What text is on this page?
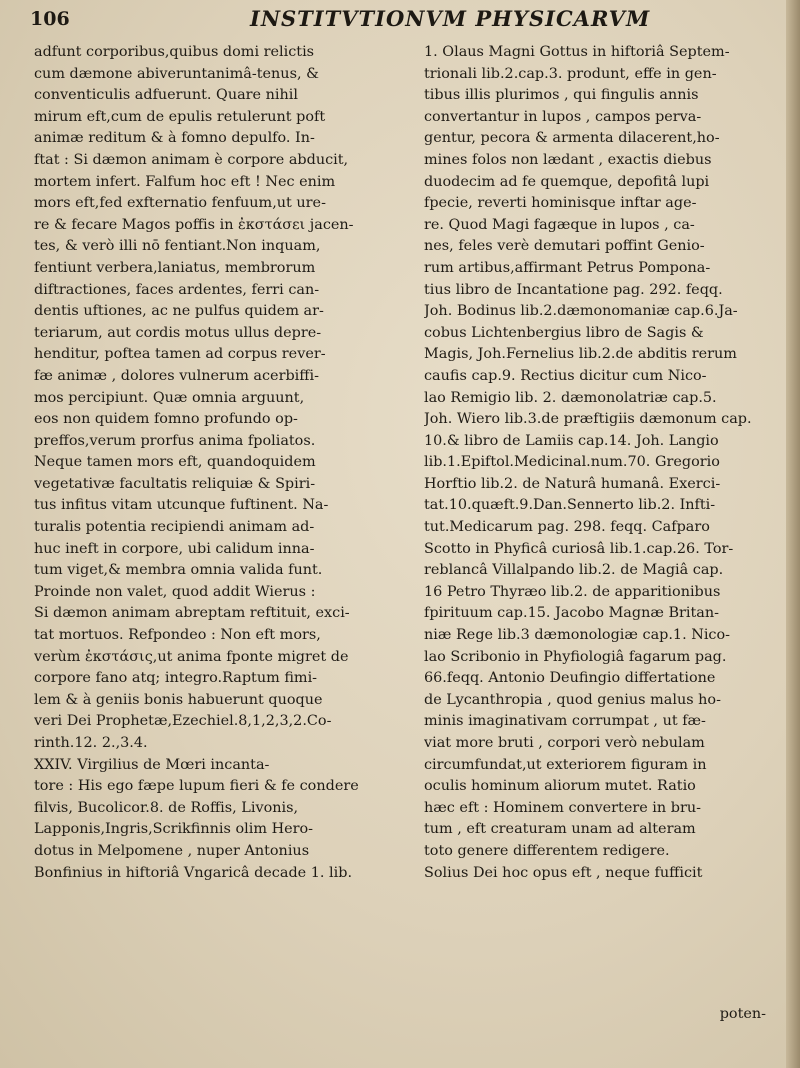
106	INSTITVTIONVM PHYSICARVM
adfunt corporibus,quibus domi relictis
cum dæmone abiveruntanimâ-tenus, &
conventiculis adfuerunt. Quare nihil
mirum eft,cum de epulis retulerunt poft
animæ reditum & à fomno depulfo. In-
ftat : Si dæmon animam è corpore abducit,
mortem infert. Falfum hoc eft ! Nec enim
mors eft,fed exfternatio fenfuum,ut ure-
re & fecare Magos poffis in ἐκστάσει jacen-
tes, & verò illi nō fentiant.Non inquam,
fentiunt verbera,laniatus, membrorum
diftractiones, faces ardentes, ferri can-
dentis uftiones, ac ne pulfus quidem ar-
teriarum, aut cordis motus ullus depre-
henditur, poftea tamen ad corpus rever-
fæ animæ , dolores vulnerum acerbiffi-
mos percipiunt. Quæ omnia arguunt,
eos non quidem fomno profundo op-
preffos,verum prorfus anima fpoliatos.
Neque tamen mors eft, quandoquidem
vegetativæ facultatis reliquiæ & Spiri-
tus infitus vitam utcunque fuftinent. Na-
turalis potentia recipiendi animam ad-
huc ineft in corpore, ubi calidum inna-
tum viget,& membra omnia valida funt.
Proinde non valet, quod addit Wierus :
Si dæmon animam abreptam reftituit, exci-
tat mortuos. Refpondeo : Non eft mors,
verùm ἐκστάσις,ut anima fponte migret de
corpore fano atq; integro.Raptum fimi-
lem & à geniis bonis habuerunt quoque
veri Dei Prophetæ,Ezechiel.8,1,2,3,2.Co-
rinth.12. 2.,3.4.
XXIV. Virgilius de Mœri incanta-
tore : His ego fæpe lupum fieri & fe condere
filvis, Bucolicor.8. de Roffis, Livonis,
Lapponis,Ingris,Scrikfinnis olim Hero-
dotus in Melpomene , nuper Antonius
Bonfinius in hiftoriâ Vngaricâ decade 1. lib.
1. Olaus Magni Gottus in hiftoriâ Septem-
trionali lib.2.cap.3. produnt, effe in gen-
tibus illis plurimos , qui fingulis annis
convertantur in lupos , campos perva-
gentur, pecora & armenta dilacerent,ho-
mines folos non lædant , exactis diebus
duodecim ad fe quemque, depofitâ lupi
fpecie, reverti hominisque inftar age-
re. Quod Magi fagæque in lupos , ca-
nes, feles verè demutari poffint Genio-
rum artibus,affirmant Petrus Pompona-
tius libro de Incantatione pag. 292. feqq.
Joh. Bodinus lib.2.dæmonomaniæ cap.6.Ja-
cobus Lichtenbergius libro de Sagis &
Magis, Joh.Fernelius lib.2.de abditis rerum
caufis cap.9. Rectius dicitur cum Nico-
lao Remigio lib. 2. dæmonolatriæ cap.5.
Joh. Wiero lib.3.de præftigiis dæmonum cap.
10.& libro de Lamiis cap.14. Joh. Langio
lib.1.Epiftol.Medicinal.num.70. Gregorio
Horftio lib.2. de Naturâ humanâ. Exerci-
tat.10.quæft.9.Dan.Sennerto lib.2. Infti-
tut.Medicarum pag. 298. feqq. Cafparo
Scotto in Phyficâ curiosâ lib.1.cap.26. Tor-
reblancâ Villalpando lib.2. de Magiâ cap.
16 Petro Thyræo lib.2. de apparitionibus
fpirituum cap.15. Jacobo Magnæ Britan-
niæ Rege lib.3 dæmonologiæ cap.1. Nico-
lao Scribonio in Phyfiologiâ fagarum pag.
66.feqq. Antonio Deufingio differtatione
de Lycanthropia , quod genius malus ho-
minis imaginativam corrumpat , ut fæ-
viat more bruti , corpori verò nebulam
circumfundat,ut exteriorem figuram in
oculis hominum aliorum mutet. Ratio
hæc eft : Hominem convertere in bru-
tum , eft creaturam unam ad alteram
toto genere differentem redigere.
Solius Dei hoc opus eft , neque fufficit
poten-
